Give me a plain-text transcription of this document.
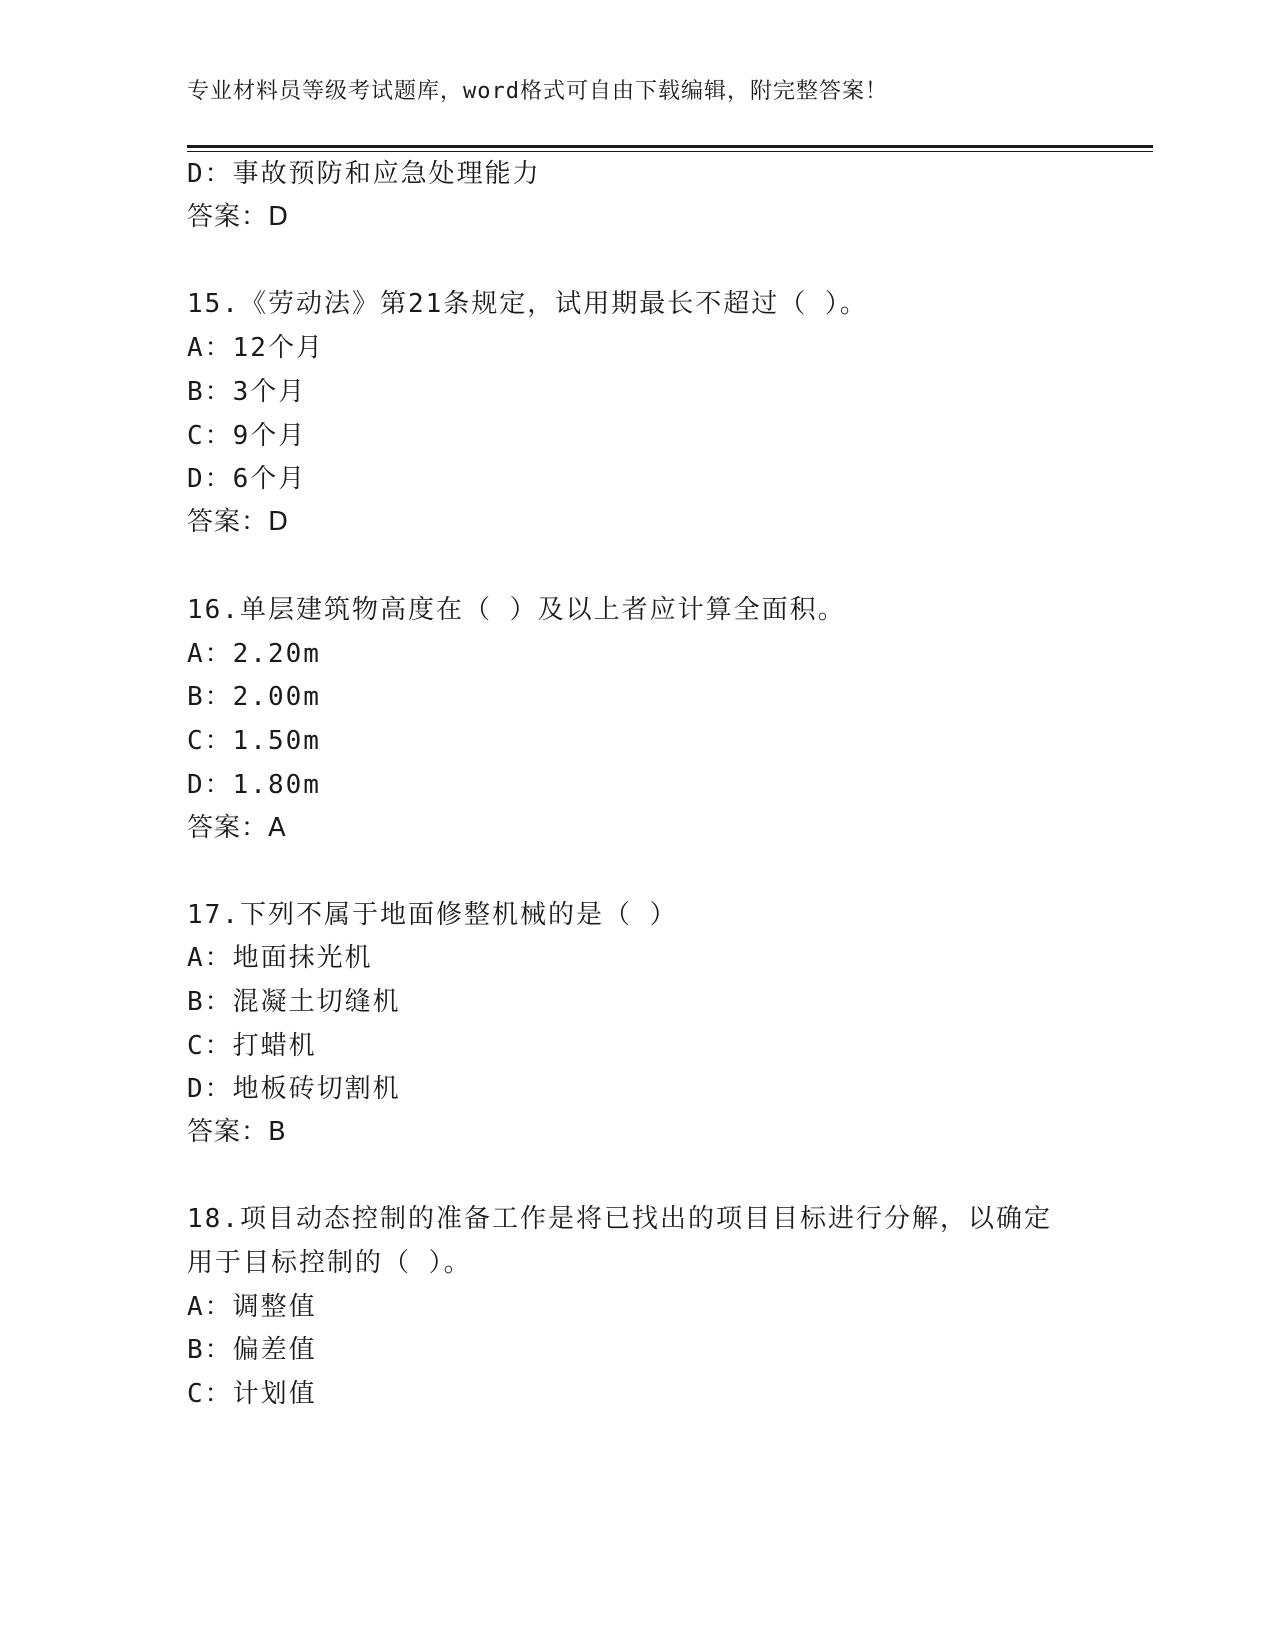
专业材料员等级考试题库，word格式可自由下载编辑，附完整答案！
D：事故预防和应急处理能力
答案：D
15.《劳动法》第21条规定，试用期最长不超过（ ）。
A：12个月
B：3个月
C：9个月
D：6个月
答案：D
16.单层建筑物高度在（ ）及以上者应计算全面积。
A：2.20m
B：2.00m
C：1.50m
D：1.80m
答案：A
17.下列不属于地面修整机械的是（ ）
A：地面抹光机
B：混凝土切缝机
C：打蜡机
D：地板砖切割机
答案：B
18.项目动态控制的准备工作是将已找出的项目目标进行分解，以确定
用于目标控制的（ ）。
A：调整值
B：偏差值
C：计划值
